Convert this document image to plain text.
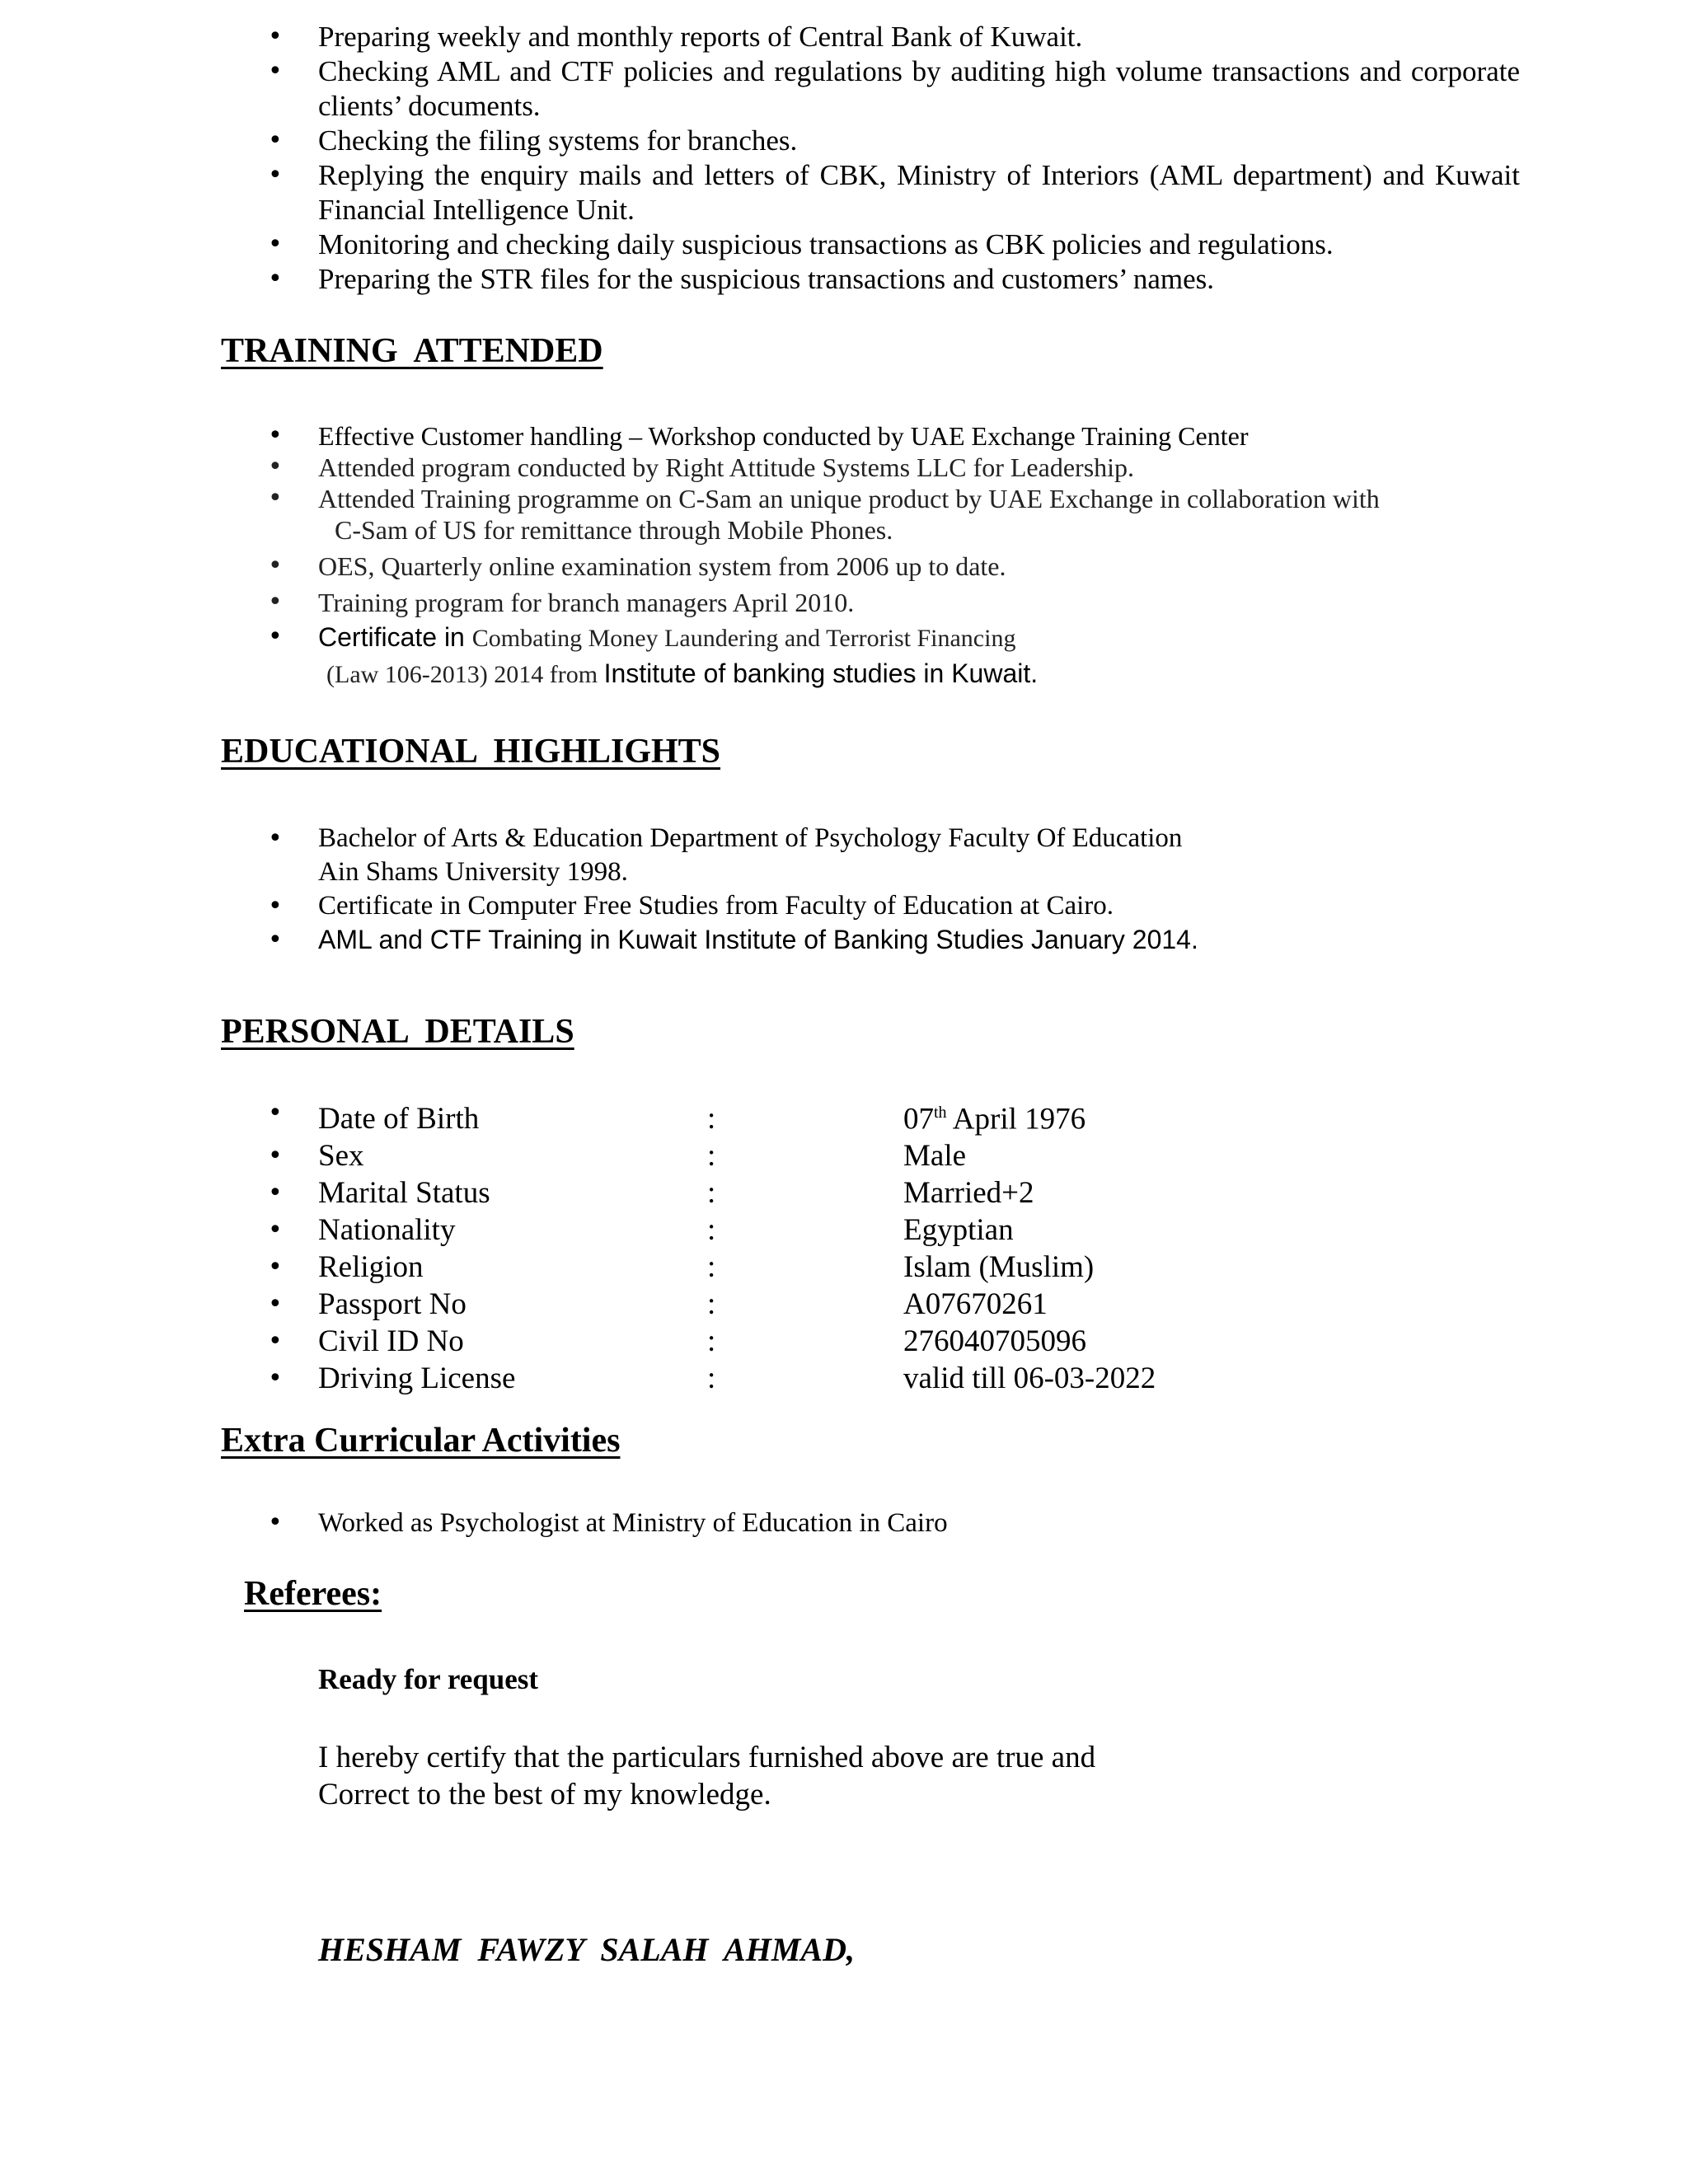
• Preparing weekly and monthly reports of Central Bank of Kuwait.
• Checking AML and CTF policies and regulations by auditing high volume transactions and corporate clients’ documents.
• Checking the filing systems for branches.
• Replying the enquiry mails and letters of CBK, Ministry of Interiors (AML department) and Kuwait Financial Intelligence Unit.
• Monitoring and checking daily suspicious transactions as CBK policies and regulations.
• Preparing the STR files for the suspicious transactions and customers’ names.
TRAINING  ATTENDED
• Effective Customer handling – Workshop conducted by UAE Exchange Training Center
• Attended program conducted by Right Attitude Systems LLC for Leadership.
• Attended Training programme on C-Sam an unique product by UAE Exchange in collaboration with
C-Sam of US for remittance through Mobile Phones.
• OES, Quarterly online examination system from 2006 up to date.
• Training program for branch managers April 2010.
• Certificate in Combating Money Laundering and Terrorist Financing
(Law 106-2013) 2014 from Institute of banking studies in Kuwait.
EDUCATIONAL  HIGHLIGHTS
• Bachelor of Arts & Education Department of Psychology Faculty Of Education
Ain Shams University 1998.
• Certificate in Computer Free Studies from Faculty of Education at Cairo.
• AML and CTF Training in Kuwait Institute of Banking Studies January 2014.
PERSONAL  DETAILS
• Date of Birth	:	07th April 1976
• Sex	:	Male
• Marital Status	:	Married+2
• Nationality	:	Egyptian
• Religion	:	Islam (Muslim)
• Passport No	:	A07670261
• Civil ID No	:	276040705096
• Driving License	:	valid till 06-03-2022
Extra Curricular Activities
• Worked as Psychologist at Ministry of Education in Cairo
Referees:

Ready for request

I hereby certify that the particulars furnished above are true and

Correct to the best of my knowledge.

HESHAM  FAWZY  SALAH  AHMAD,
